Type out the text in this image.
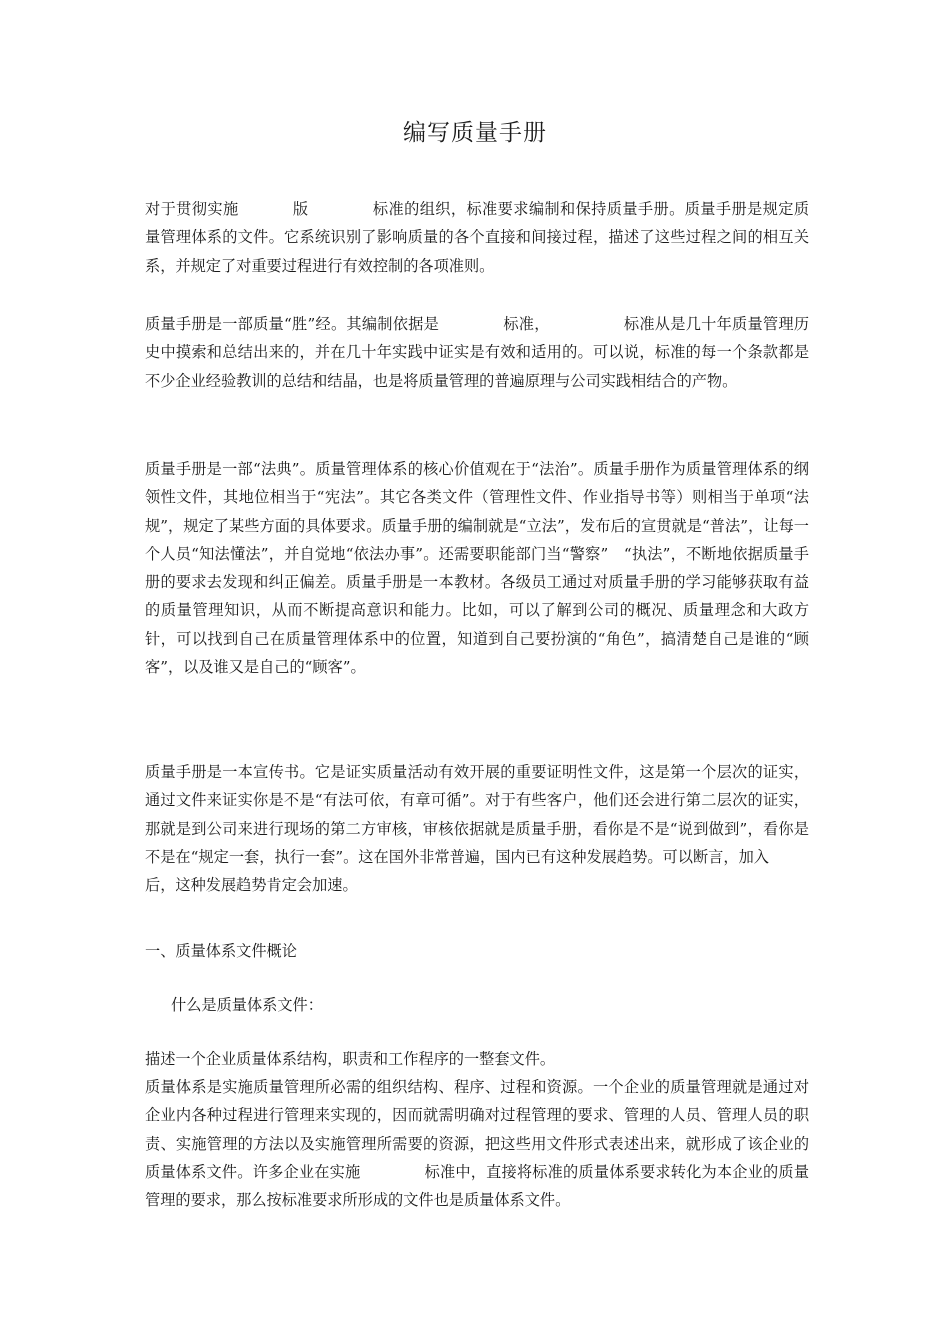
编写质量手册

对于贯彻实施	版	标准的组织，标准要求编制和保持质量手册。质量手册是规定质量管理体系的文件。它系统识别了影响质量的各个直接和间接过程，描述了这些过程之间的相互关系，并规定了对重要过程进行有效控制的各项准则。

质量手册是一部质量“胜”经。其编制依据是	标准，	标准从是几十年质量管理历史中摸索和总结出来的，并在几十年实践中证实是有效和适用的。可以说，标准的每一个条款都是不少企业经验教训的总结和结晶，也是将质量管理的普遍原理与公司实践相结合的产物。

质量手册是一部“法典”。质量管理体系的核心价值观在于“法治”。质量手册作为质量管理体系的纲领性文件，其地位相当于“宪法”。其它各类文件（管理性文件、作业指导书等）则相当于单项“法规”，规定了某些方面的具体要求。质量手册的编制就是“立法”，发布后的宣贯就是“普法”，让每一个人员“知法懂法”，并自觉地“依法办事”。还需要职能部门当“警察”　“执法”，不断地依据质量手册的要求去发现和纠正偏差。质量手册是一本教材。各级员工通过对质量手册的学习能够获取有益的质量管理知识，从而不断提高意识和能力。比如，可以了解到公司的概况、质量理念和大政方针，可以找到自己在质量管理体系中的位置，知道到自己要扮演的“角色”，搞清楚自己是谁的“顾客”，以及谁又是自己的“顾客”。

质量手册是一本宣传书。它是证实质量活动有效开展的重要证明性文件，这是第一个层次的证实，通过文件来证实你是不是“有法可依，有章可循”。对于有些客户，他们还会进行第二层次的证实，那就是到公司来进行现场的第二方审核，审核依据就是质量手册，看你是不是“说到做到”，看你是不是在“规定一套，执行一套”。这在国外非常普遍，国内已有这种发展趋势。可以断言，加入后，这种发展趋势肯定会加速。

一、质量体系文件概论

什么是质量体系文件：

描述一个企业质量体系结构，职责和工作程序的一整套文件。

质量体系是实施质量管理所必需的组织结构、程序、过程和资源。一个企业的质量管理就是通过对企业内各种过程进行管理来实现的，因而就需明确对过程管理的要求、管理的人员、管理人员的职责、实施管理的方法以及实施管理所需要的资源，把这些用文件形式表述出来，就形成了该企业的质量体系文件。许多企业在实施	标准中，直接将标准的质量体系要求转化为本企业的质量管理的要求，那么按标准要求所形成的文件也是质量体系文件。
